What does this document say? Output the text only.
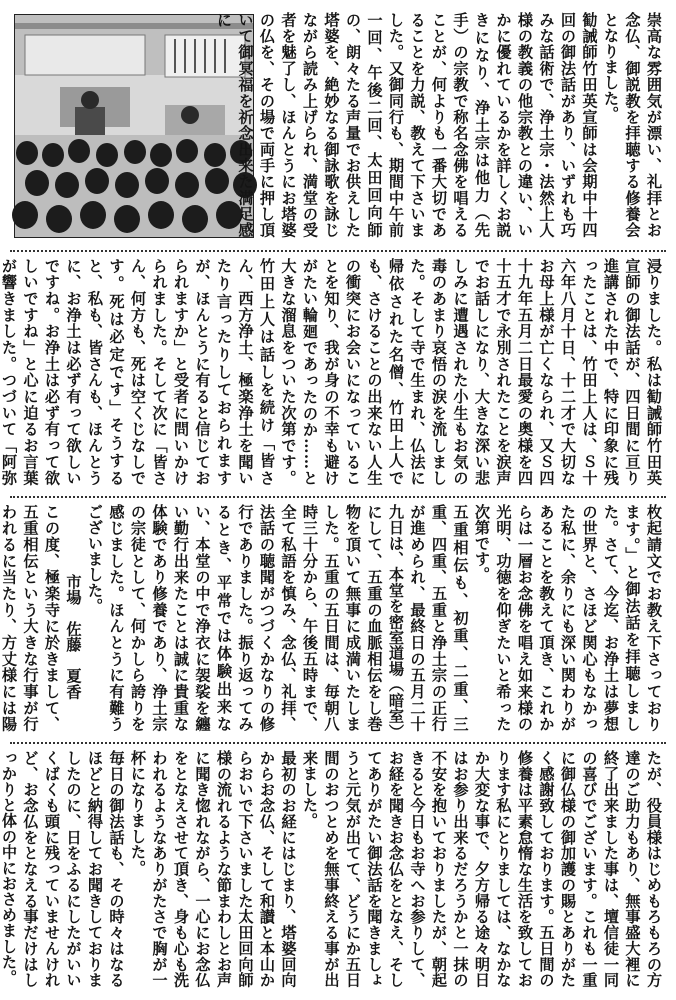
崇高な雰囲気が漂い、礼拝とお念仏、御説教を拝聴する修養会となりました。

勧誡師竹田英宣師は会期中十四回の御法話があり、いずれも巧みな話術で、浄土宗・法然上人様の教義の他宗教との違い、いかに優れているかを詳しくお説きになり、浄土宗は他力（先手）の宗教で称名念佛を唱えることが、何よりも一番大切であることを力説、教えて下さいました。又御同行も、期間中午前一回、午後二回、太田回向師の、朗々たる声量でお供えした塔婆を、絶妙なる御詠歌を詠じながら読み上げられ、満堂の受者を魅了し、ほんとうにお塔婆の仏を、その場で両手に押し頂いて御冥福を祈念出来た満足感に

浸りました。私は勧誡師竹田英宣師の御法話が、四日間に亘り進講された中で、特に印象に残ったことは、竹田上人は、Ｓ十六年八月十日、十二才で大切なお母上様が亡くなられ、又Ｓ四十九年五月二日最愛の奥様を四十五才で永別されたことを涙声でお話しになり、大きな深い悲しみに遭遇された小生もお気の毒のあまり哀悟の涙を流しました。そして寺で生まれ、仏法に帰依された名僧、竹田上人でも、さけることの出来ない人生の衝突にお会いになっていることを知り、我が身の不幸も避けがたい輪廻であったのか……と大きな溜息をついた次第です。竹田上人は話しを続け「皆さん、西方浄土、極楽浄土を聞いたり言ったりしておられますが、ほんとうに有ると信じておられますか」と受者に問いかけられました。そして次に「皆さん、何方も、死は空くじなしです。死は必定です」そうすると、私も、皆さんも、ほんとうに、お浄土は必ず有って欲しいですね。お浄土は必ず有って欲しいですね」と心に迫るお言葉が響きました。つづいて「阿弥

枚起請文でお教え下さっております。」と御法話を拝聴しました。さて、今迄、お浄土は夢想の世界と、さほど関心もなかった私に、余りにも深い関わりがあることを教えて頂き、これからは一層お念佛を唱え如来様の光明、功徳を仰ぎたいと希った次第です。

五重相伝も、初重、二重、三重、四重、五重と浄土宗の正行が進められ、最終日の五月二十九日は、本堂を密室道場（暗室）にして、五重の血脈相伝をし巻物を頂いて無事に成満いたしました。五重の五日間は、毎朝八時三十分から、午後五時まで、全て私語を慎み、念仏、礼拝、法話の聴聞がつづくかなりの修行でありました。振り返ってみるとき、平常では体験出来ない、本堂の中で浄衣に袈裟を纏い勤行出来たことは誠に貴重な体験であり修養であり、浄土宗の宗徒として、何かしら誇りを感じました。ほんとうに有難うございました。

市場　佐藤　夏香

この度、極楽寺に於きまして、五重相伝という大きな行事が行われるに当たり、方丈様には陽

たが、役員様はじめもろもろの方達のご助力もあり、無事盛大裡に終了出来ました事は、壇信徒一同の喜びでございます。これも一重に御仏様の御加護の賜とありがたく感謝致しております。五日間の修養は平素怠惰な生活を致しております私にとりましては、なかなか大変な事で、夕方帰る途々明日はお参り出来るだろうかと一抹の不安を抱いておりましたが、朝起きると今日もお寺へお参りして、お経を聞きお念仏をとなえ、そしてありがたい御法話を聞きましょうと元気が出てて、どうにか五日間のおつとめを無事終える事が出来ました。

最初のお経にはじまり、塔婆回向からお念仏、そして和讃と本山からおいで下さいました太田回向師様の流れるような節まわしとお声に聞き惚れながら、一心にお念仏をとなえさせて頂き、身も心も洗われるようなありがたさで胸が一杯になりました。

毎日の御法話も、その時々はなるほどと納得してお聞きしておりましたのに、日をふるにしたがいいくばくも頭に残っていませんけれど、お念仏をとなえる事だけはしっかりと体の中におさめました。
